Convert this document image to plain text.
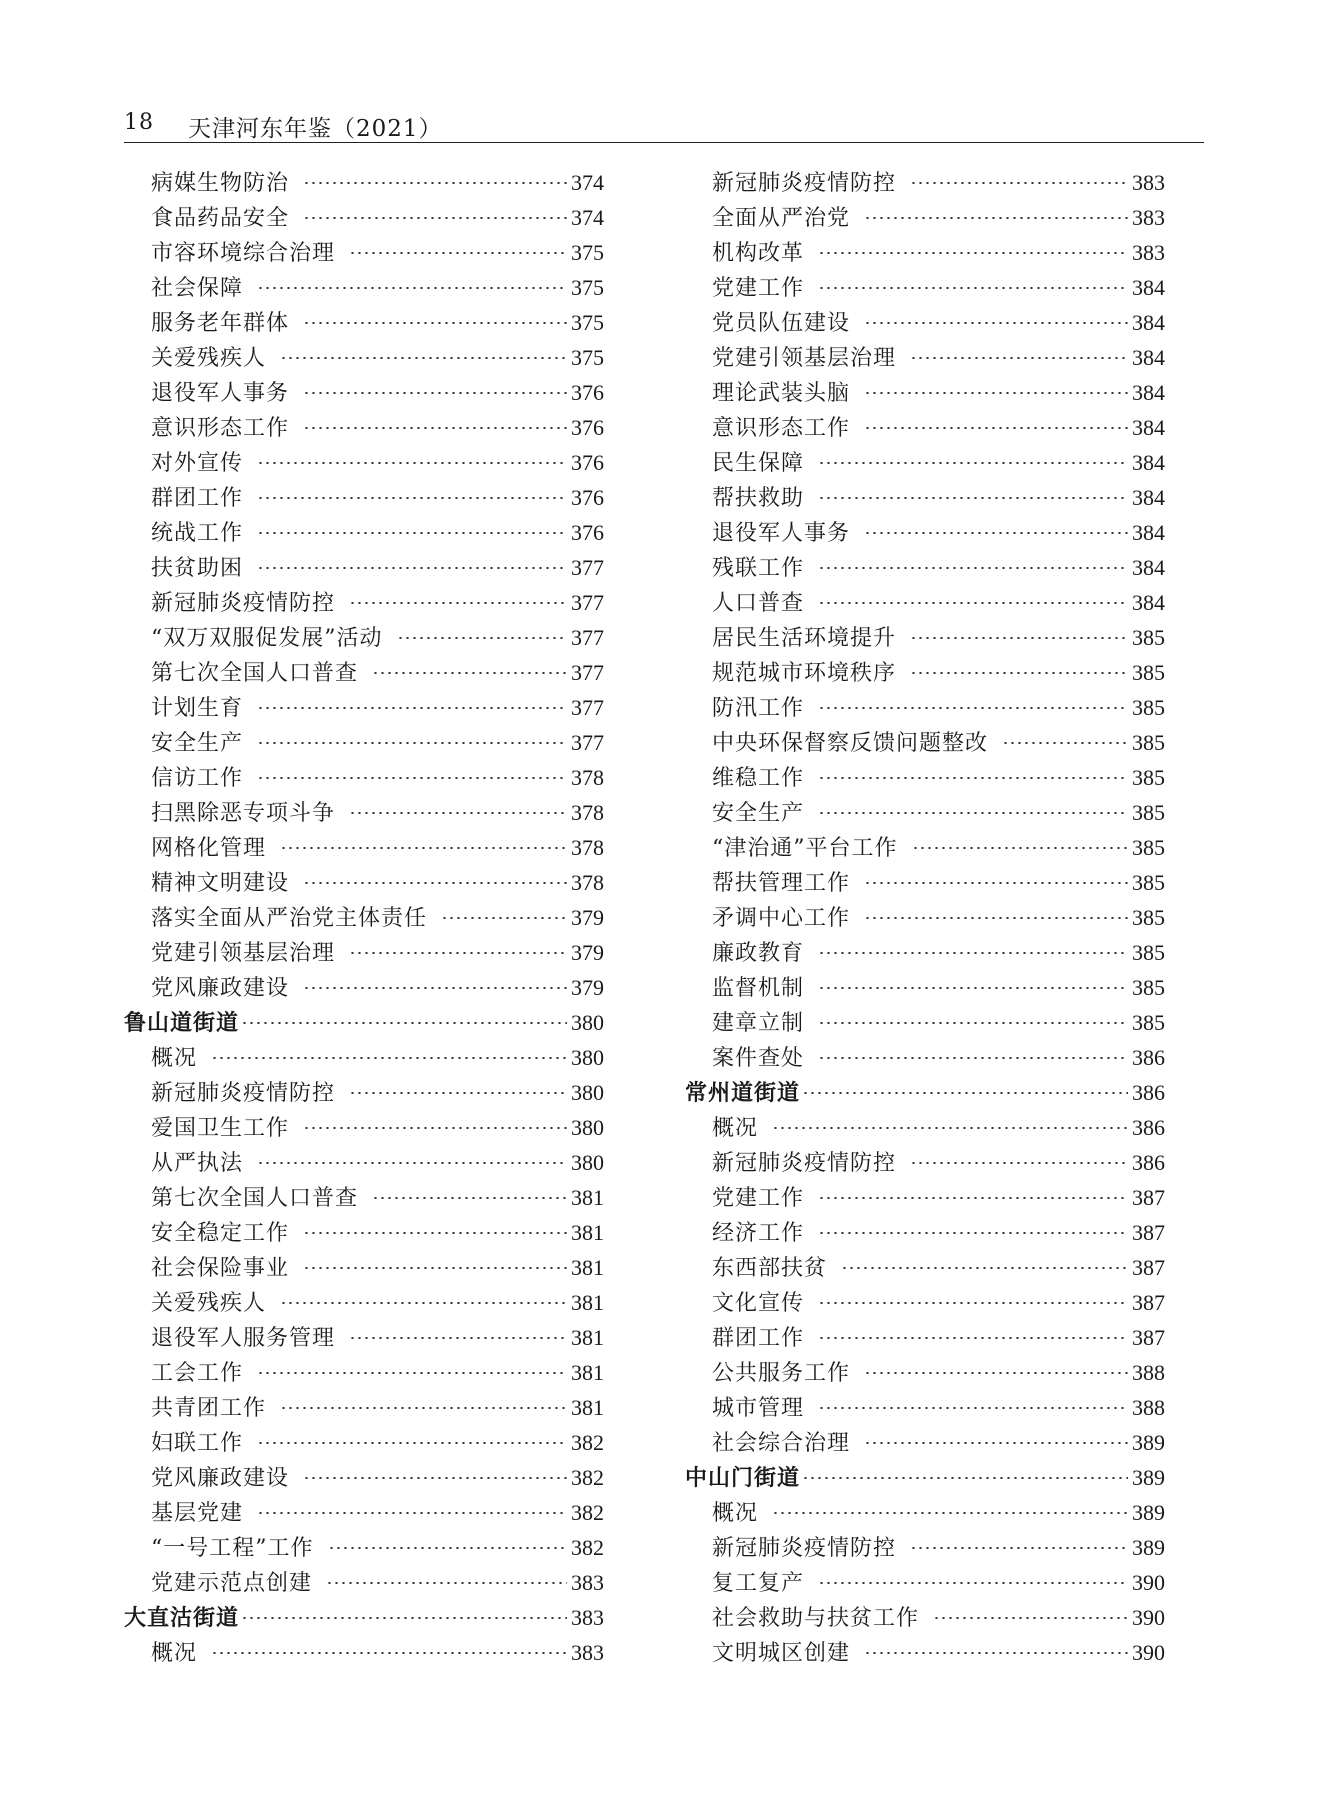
18 天津河东年鉴（2021）
病媒生物防治	374
食品药品安全	374
市容环境综合治理	375
社会保障	375
服务老年群体	375
关爱残疾人	375
退役军人事务	376
意识形态工作	376
对外宣传	376
群团工作	376
统战工作	376
扶贫助困	377
新冠肺炎疫情防控	377
“双万双服促发展”活动	377
第七次全国人口普查	377
计划生育	377
安全生产	377
信访工作	378
扫黑除恶专项斗争	378
网格化管理	378
精神文明建设	378
落实全面从严治党主体责任	379
党建引领基层治理	379
党风廉政建设	379
鲁山道街道	380
概况	380
新冠肺炎疫情防控	380
爱国卫生工作	380
从严执法	380
第七次全国人口普查	381
安全稳定工作	381
社会保险事业	381
关爱残疾人	381
退役军人服务管理	381
工会工作	381
共青团工作	381
妇联工作	382
党风廉政建设	382
基层党建	382
“一号工程”工作	382
党建示范点创建	383
大直沽街道	383
概况	383
新冠肺炎疫情防控	383
全面从严治党	383
机构改革	383
党建工作	384
党员队伍建设	384
党建引领基层治理	384
理论武装头脑	384
意识形态工作	384
民生保障	384
帮扶救助	384
退役军人事务	384
残联工作	384
人口普查	384
居民生活环境提升	385
规范城市环境秩序	385
防汛工作	385
中央环保督察反馈问题整改	385
维稳工作	385
安全生产	385
“津治通”平台工作	385
帮扶管理工作	385
矛调中心工作	385
廉政教育	385
监督机制	385
建章立制	385
案件查处	386
常州道街道	386
概况	386
新冠肺炎疫情防控	386
党建工作	387
经济工作	387
东西部扶贫	387
文化宣传	387
群团工作	387
公共服务工作	388
城市管理	388
社会综合治理	389
中山门街道	389
概况	389
新冠肺炎疫情防控	389
复工复产	390
社会救助与扶贫工作	390
文明城区创建	390
